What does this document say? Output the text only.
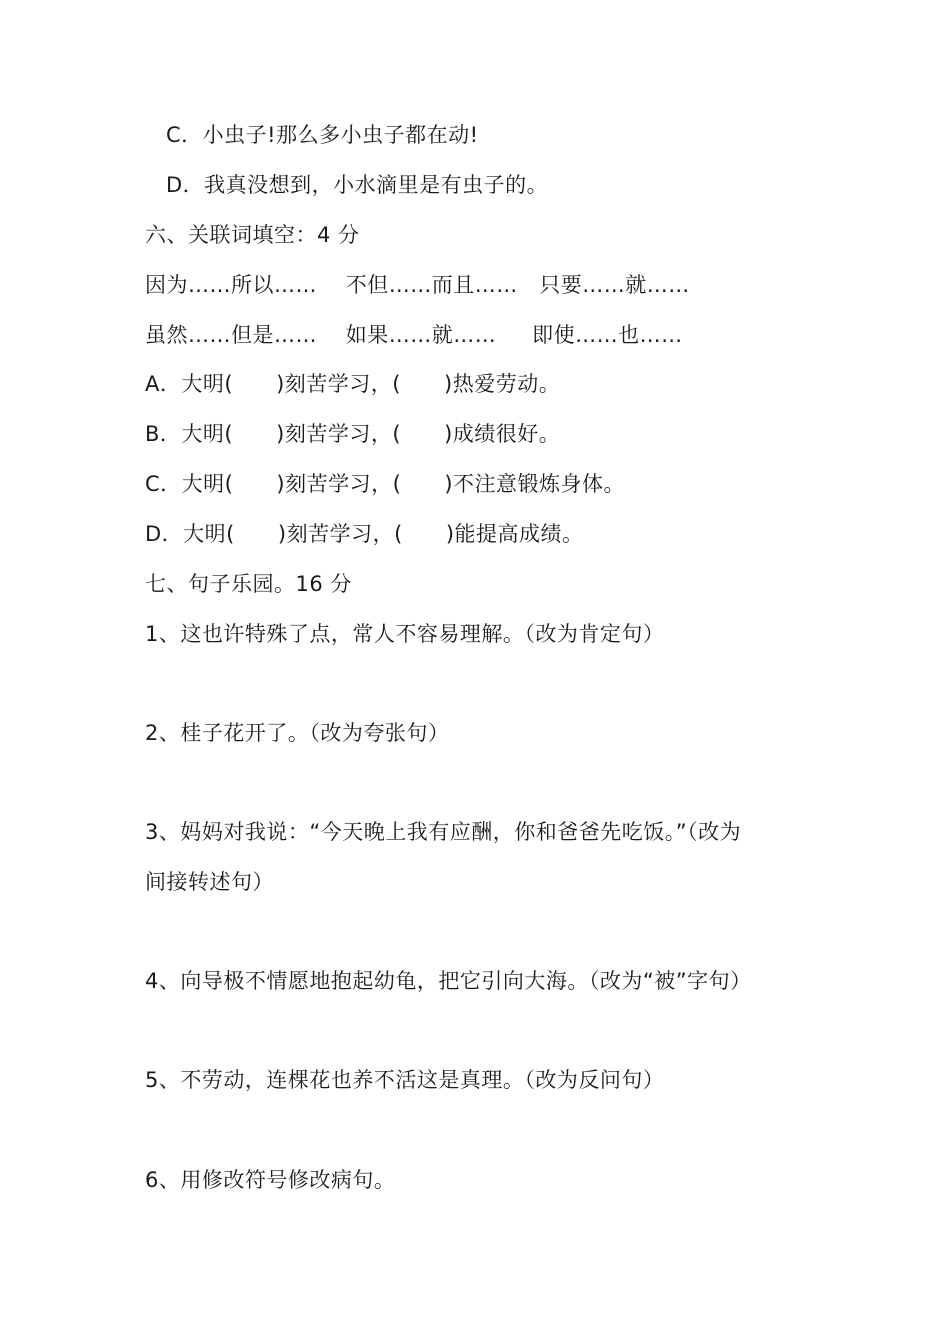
C．小虫子!那么多小虫子都在动!
D．我真没想到，小水滴里是有虫子的。
六、关联词填空：4 分
因为……所以……    不但……而且……   只要……就……
虽然……但是……    如果……就……     即使……也……
A．大明(      )刻苦学习，(      )热爱劳动。
B．大明(      )刻苦学习，(      )成绩很好。
C．大明(      )刻苦学习，(      )不注意锻炼身体。
D．大明(      )刻苦学习，(      )能提高成绩。
七、句子乐园。16 分
1、这也许特殊了点，常人不容易理解。（改为肯定句）
2、桂子花开了。（改为夸张句）
3、妈妈对我说：“今天晚上我有应酬，你和爸爸先吃饭。”（改为
间接转述句）
4、向导极不情愿地抱起幼龟，把它引向大海。（改为“被”字句）
5、不劳动，连棵花也养不活这是真理。（改为反问句）
6、用修改符号修改病句。
